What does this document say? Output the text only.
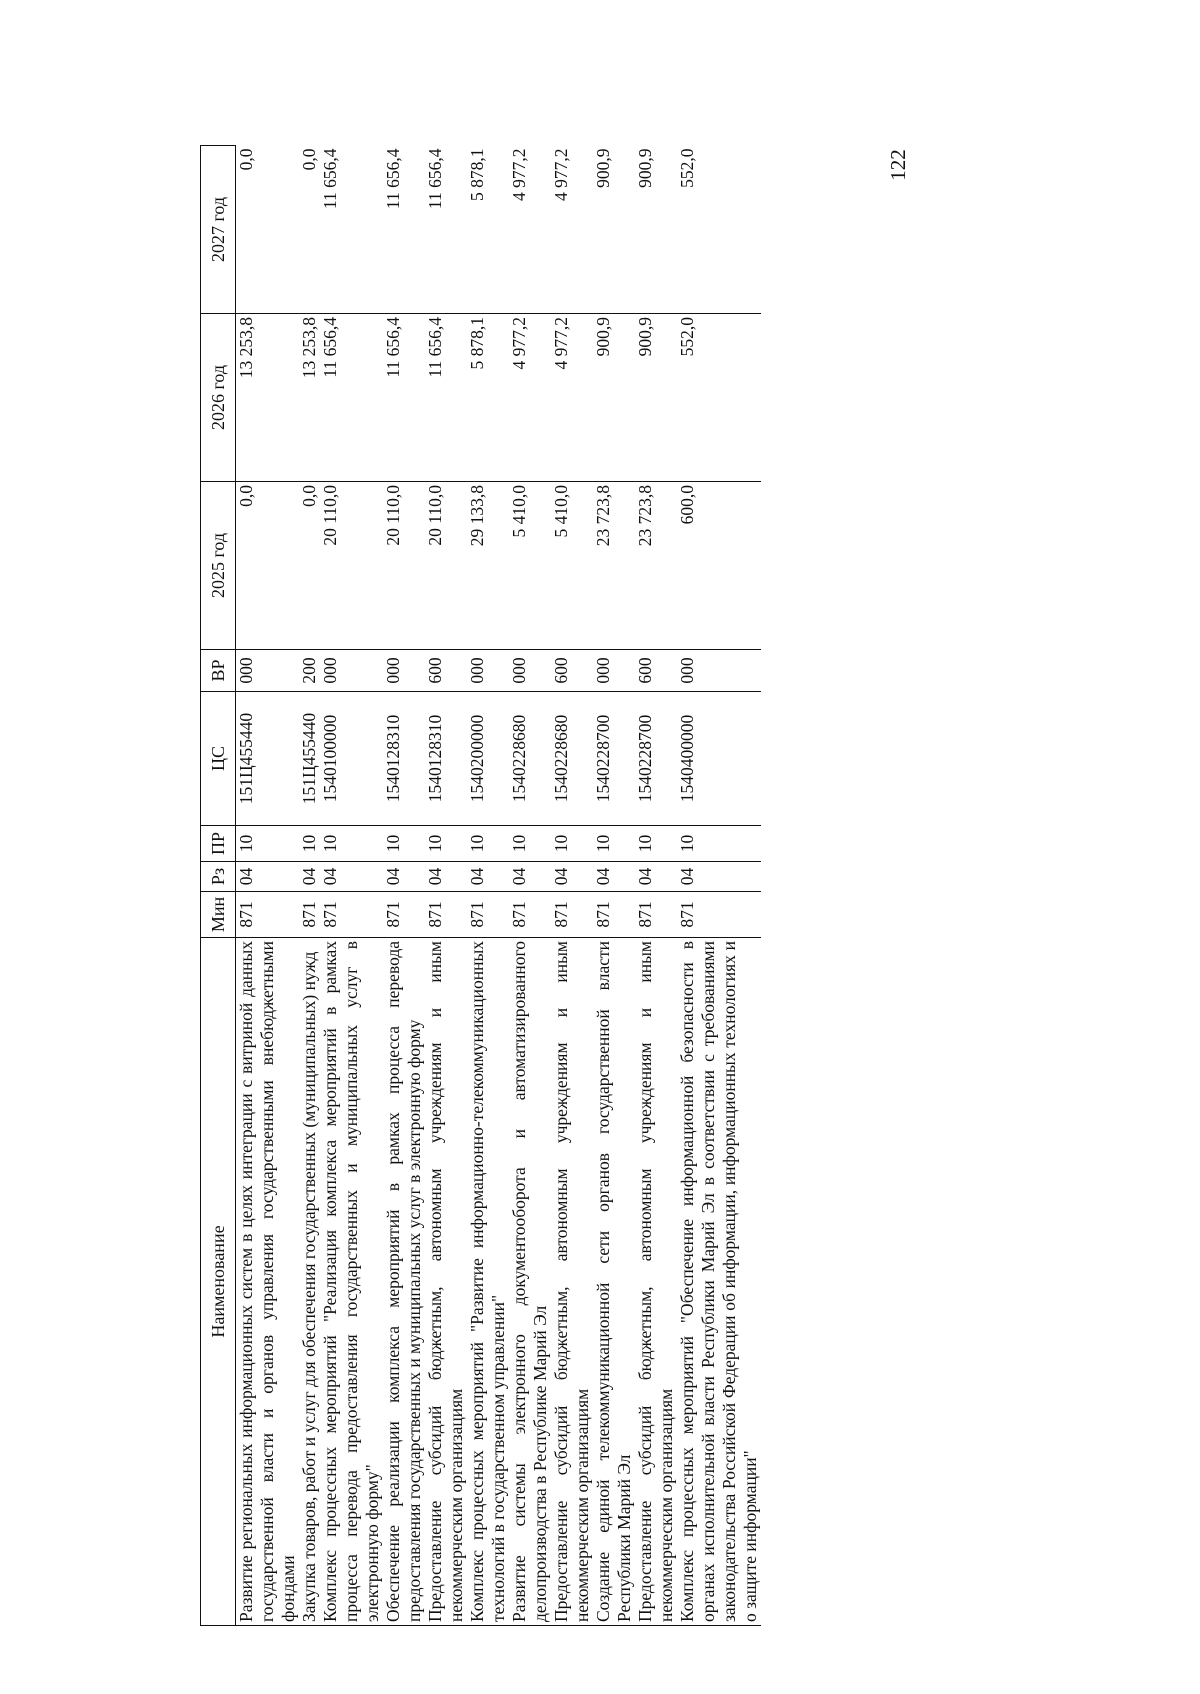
122
Наименование	Мин	Рз	ПР	ЦС	ВР	2025 год	2026 год	2027 год
Развитие региональных информационных систем в целях интеграции с витриной данных государственной власти и органов управления государственными внебюджетными фондами	871	04	10	151Ц455440	000	0,0	13 253,8	0,0
Закупка товаров, работ и услуг для обеспечения государственных (муниципальных) нужд	871	04	10	151Ц455440	200	0,0	13 253,8	0,0
Комплекс процессных мероприятий "Реализация комплекса мероприятий в рамках процесса перевода предоставления государственных и муниципальных услуг в электронную форму"	871	04	10	1540100000	000	20 110,0	11 656,4	11 656,4
Обеспечение реализации комплекса мероприятий в рамках процесса перевода предоставления государственных и муниципальных услуг в электронную форму	871	04	10	1540128310	000	20 110,0	11 656,4	11 656,4
Предоставление субсидий бюджетным, автономным учреждениям и иным некоммерческим организациям	871	04	10	1540128310	600	20 110,0	11 656,4	11 656,4
Комплекс процессных мероприятий "Развитие информационно-телекоммуникационных технологий в государственном управлении"	871	04	10	1540200000	000	29 133,8	5 878,1	5 878,1
Развитие системы электронного документооборота и автоматизированного делопроизводства в Республике Марий Эл	871	04	10	1540228680	000	5 410,0	4 977,2	4 977,2
Предоставление субсидий бюджетным, автономным учреждениям и иным некоммерческим организациям	871	04	10	1540228680	600	5 410,0	4 977,2	4 977,2
Создание единой телекоммуникационной сети органов государственной власти Республики Марий Эл	871	04	10	1540228700	000	23 723,8	900,9	900,9
Предоставление субсидий бюджетным, автономным учреждениям и иным некоммерческим организациям	871	04	10	1540228700	600	23 723,8	900,9	900,9
Комплекс процессных мероприятий "Обеспечение информационной безопасности в органах исполнительной власти Республики Марий Эл в соответствии с требованиями законодательства Российской Федерации об информации, информационных технологиях и о защите информации"	871	04	10	1540400000	000	600,0	552,0	552,0
